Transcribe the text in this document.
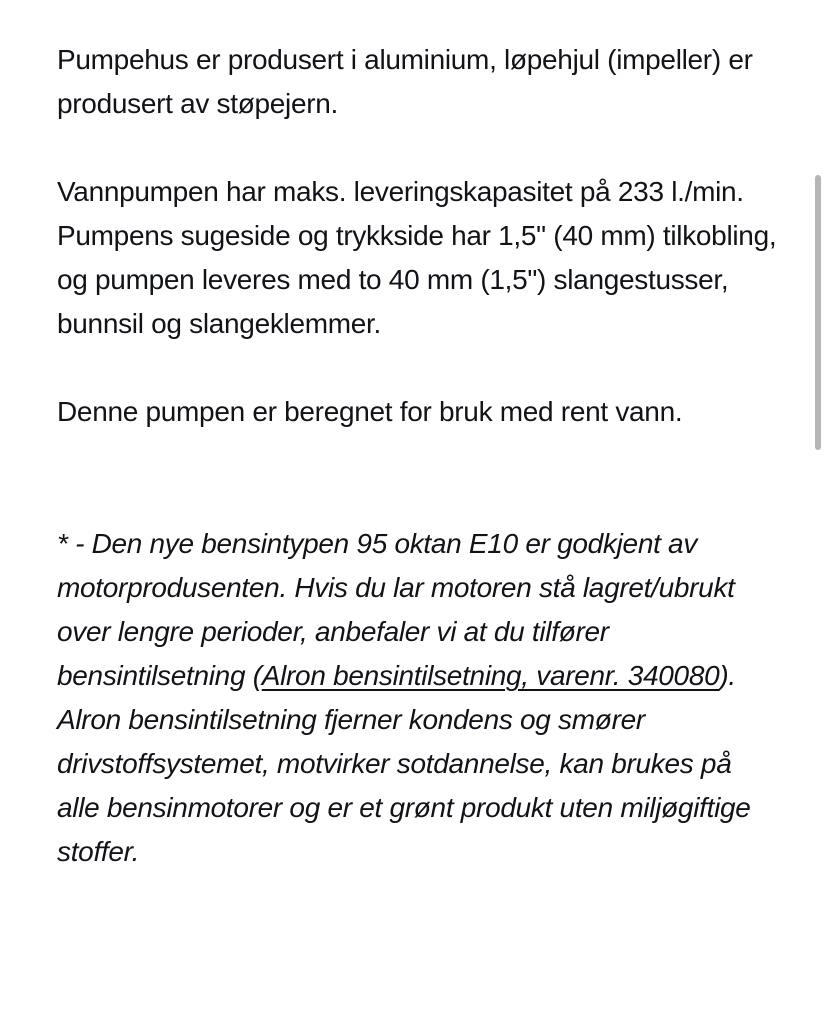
Pumpehus er produsert i aluminium, løpehjul (impeller) er produsert av støpejern.

Vannpumpen har maks. leveringskapasitet på 233 l./min. Pumpens sugeside og trykkside har 1,5" (40 mm) tilkobling, og pumpen leveres med to 40 mm (1,5") slangestusser, bunnsil og slangeklemmer.

Denne pumpen er beregnet for bruk med rent vann.

* - Den nye bensintypen 95 oktan E10 er godkjent av motorprodusenten. Hvis du lar motoren stå lagret/ubrukt over lengre perioder, anbefaler vi at du tilfører bensintilsetning (Alron bensintilsetning, varenr. 340080).
Alron bensintilsetning fjerner kondens og smører drivstoffsystemet, motvirker sotdannelse, kan brukes på alle bensinmotorer og er et grønt produkt uten miljøgiftige stoffer.
